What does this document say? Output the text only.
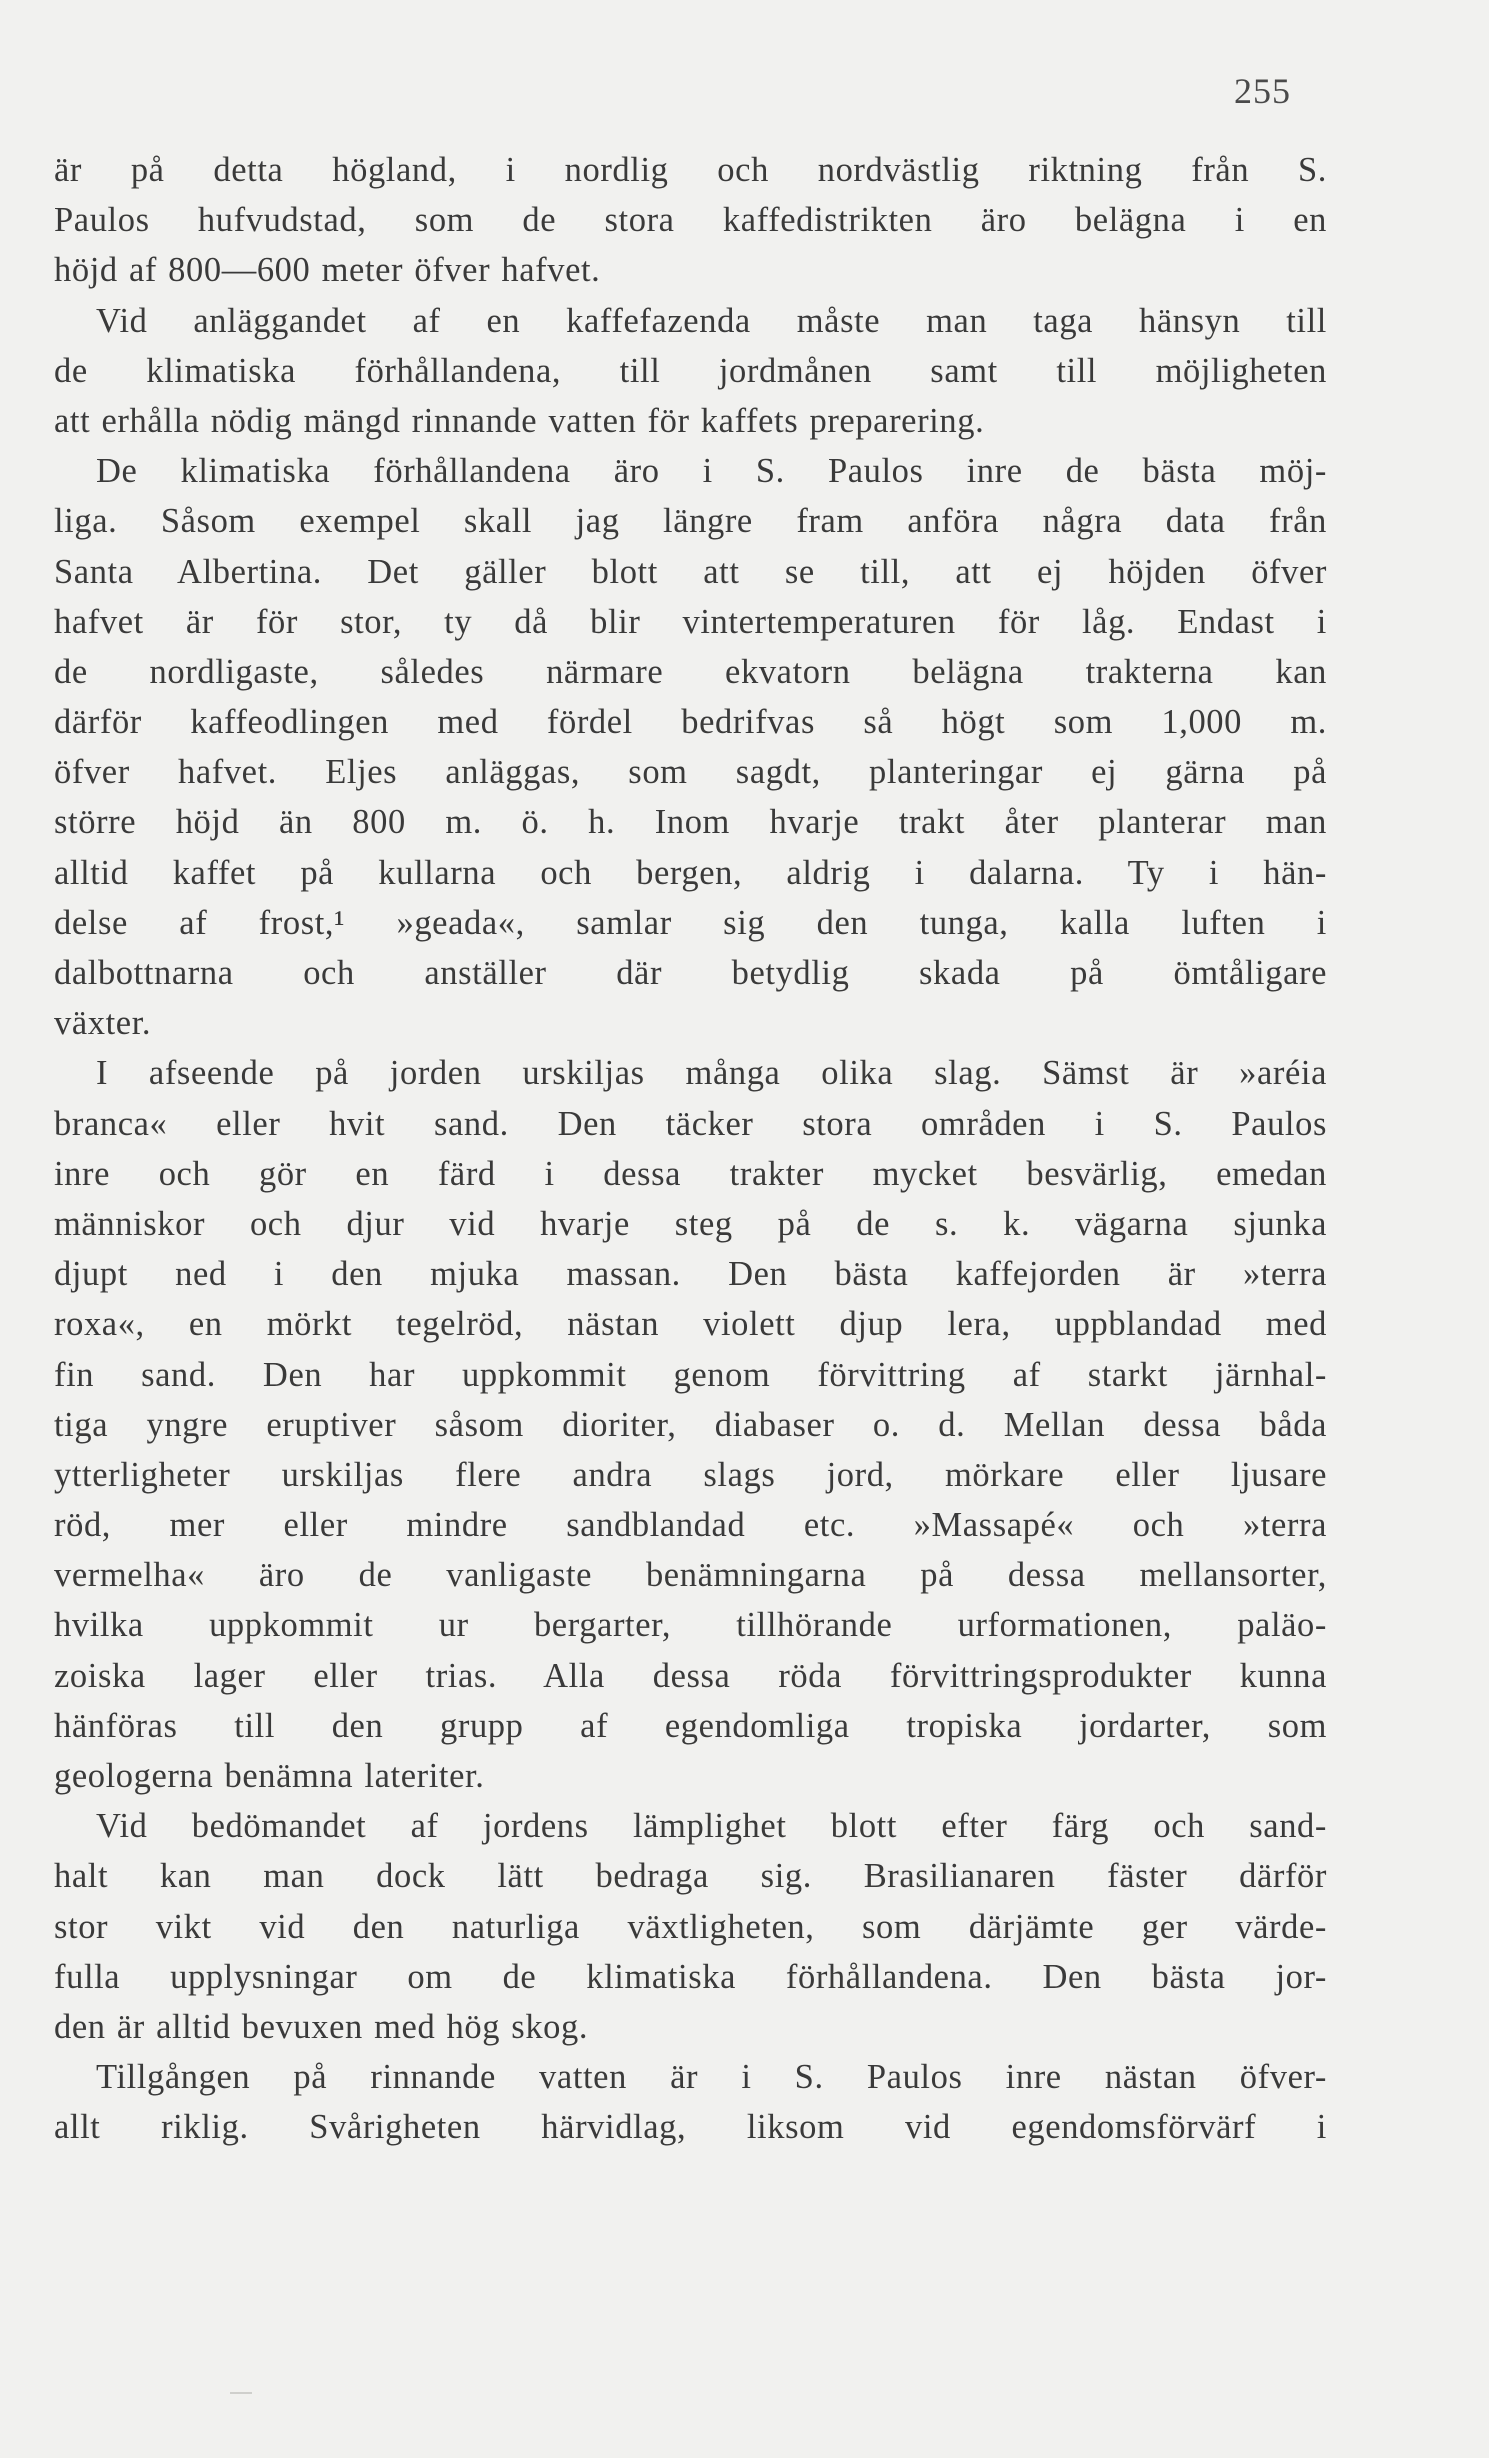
255
är på detta högland, i nordlig och nordvästlig riktning från S.
Paulos hufvudstad, som de stora kaffedistrikten äro belägna i en
höjd af 800—600 meter öfver hafvet.
Vid anläggandet af en kaffefazenda måste man taga hänsyn till
de klimatiska förhållandena, till jordmånen samt till möjligheten
att erhålla nödig mängd rinnande vatten för kaffets preparering.
De klimatiska förhållandena äro i S. Paulos inre de bästa möj-
liga. Såsom exempel skall jag längre fram anföra några data från
Santa Albertina. Det gäller blott att se till, att ej höjden öfver
hafvet är för stor, ty då blir vintertemperaturen för låg. Endast i
de nordligaste, således närmare ekvatorn belägna trakterna kan
därför kaffeodlingen med fördel bedrifvas så högt som 1,000 m.
öfver hafvet. Eljes anläggas, som sagdt, planteringar ej gärna på
större höjd än 800 m. ö. h. Inom hvarje trakt åter planterar man
alltid kaffet på kullarna och bergen, aldrig i dalarna. Ty i hän-
delse af frost,¹ »geada«, samlar sig den tunga, kalla luften i
dalbottnarna och anställer där betydlig skada på ömtåligare
växter.
I afseende på jorden urskiljas många olika slag. Sämst är »aréia
branca« eller hvit sand. Den täcker stora områden i S. Paulos
inre och gör en färd i dessa trakter mycket besvärlig, emedan
människor och djur vid hvarje steg på de s. k. vägarna sjunka
djupt ned i den mjuka massan. Den bästa kaffejorden är »terra
roxa«, en mörkt tegelröd, nästan violett djup lera, uppblandad med
fin sand. Den har uppkommit genom förvittring af starkt järnhal-
tiga yngre eruptiver såsom dioriter, diabaser o. d. Mellan dessa båda
ytterligheter urskiljas flere andra slags jord, mörkare eller ljusare
röd, mer eller mindre sandblandad etc. »Massapé« och »terra
vermelha« äro de vanligaste benämningarna på dessa mellansorter,
hvilka uppkommit ur bergarter, tillhörande urformationen, paläo-
zoiska lager eller trias. Alla dessa röda förvittringsprodukter kunna
hänföras till den grupp af egendomliga tropiska jordarter, som
geologerna benämna lateriter.
Vid bedömandet af jordens lämplighet blott efter färg och sand-
halt kan man dock lätt bedraga sig. Brasilianaren fäster därför
stor vikt vid den naturliga växtligheten, som därjämte ger värde-
fulla upplysningar om de klimatiska förhållandena. Den bästa jor-
den är alltid bevuxen med hög skog.
Tillgången på rinnande vatten är i S. Paulos inre nästan öfver-
allt riklig. Svårigheten härvidlag, liksom vid egendomsförvärf i
